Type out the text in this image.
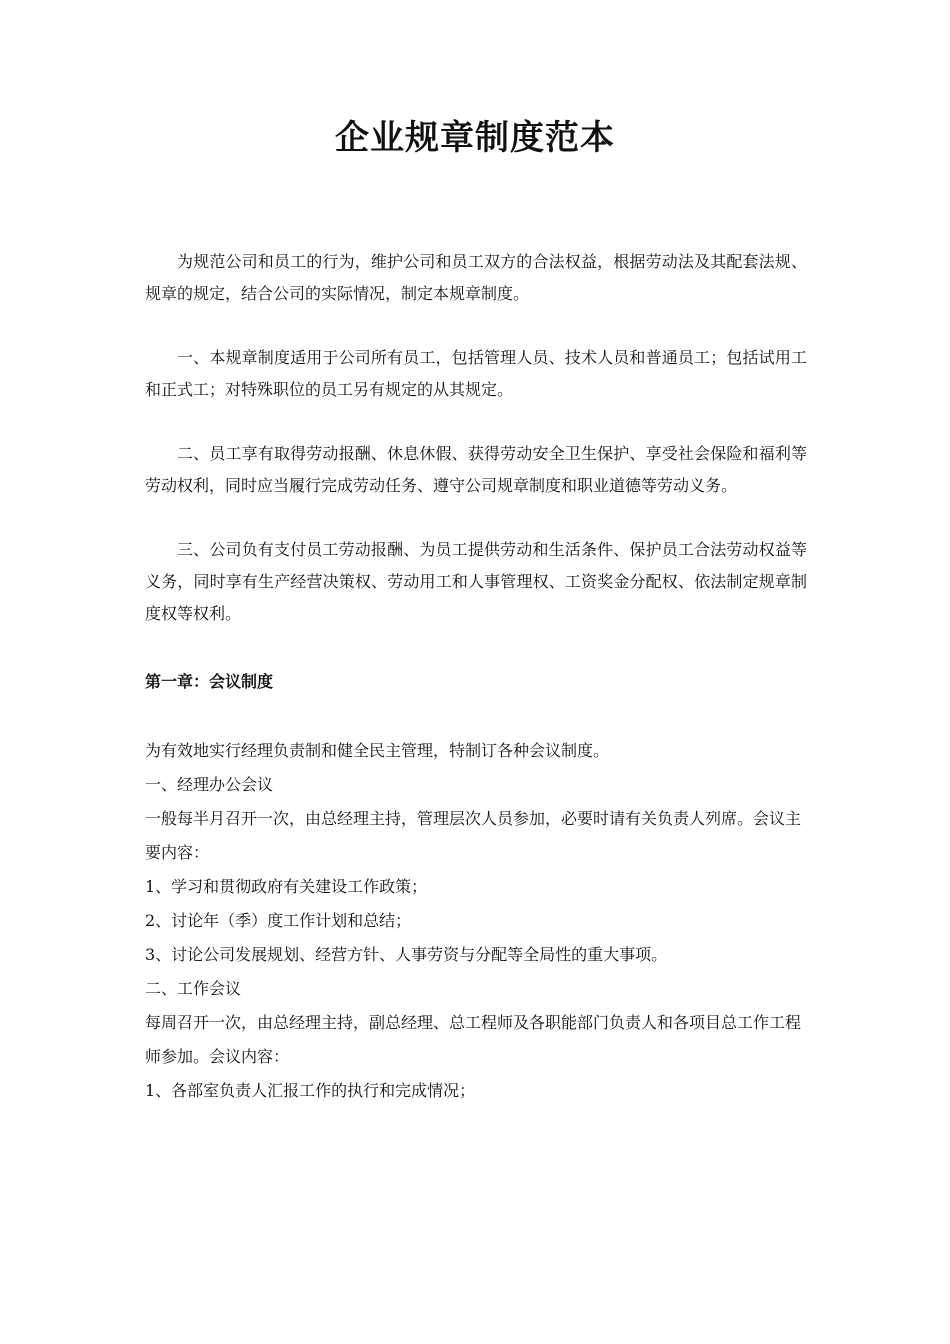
企业规章制度范本

为规范公司和员工的行为，维护公司和员工双方的合法权益，根据劳动法及其配套法规、规章的规定，结合公司的实际情况，制定本规章制度。

一、本规章制度适用于公司所有员工，包括管理人员、技术人员和普通员工；包括试用工和正式工；对特殊职位的员工另有规定的从其规定。

二、员工享有取得劳动报酬、休息休假、获得劳动安全卫生保护、享受社会保险和福利等劳动权利，同时应当履行完成劳动任务、遵守公司规章制度和职业道德等劳动义务。

三、公司负有支付员工劳动报酬、为员工提供劳动和生活条件、保护员工合法劳动权益等义务，同时享有生产经营决策权、劳动用工和人事管理权、工资奖金分配权、依法制定规章制度权等权利。

第一章：会议制度

为有效地实行经理负责制和健全民主管理，特制订各种会议制度。

一、经理办公会议

一般每半月召开一次，由总经理主持，管理层次人员参加，必要时请有关负责人列席。会议主要内容：

1、学习和贯彻政府有关建设工作政策；

2、讨论年（季）度工作计划和总结；

3、讨论公司发展规划、经营方针、人事劳资与分配等全局性的重大事项。

二、工作会议

每周召开一次，由总经理主持，副总经理、总工程师及各职能部门负责人和各项目总工作工程师参加。会议内容：

1、各部室负责人汇报工作的执行和完成情况；
